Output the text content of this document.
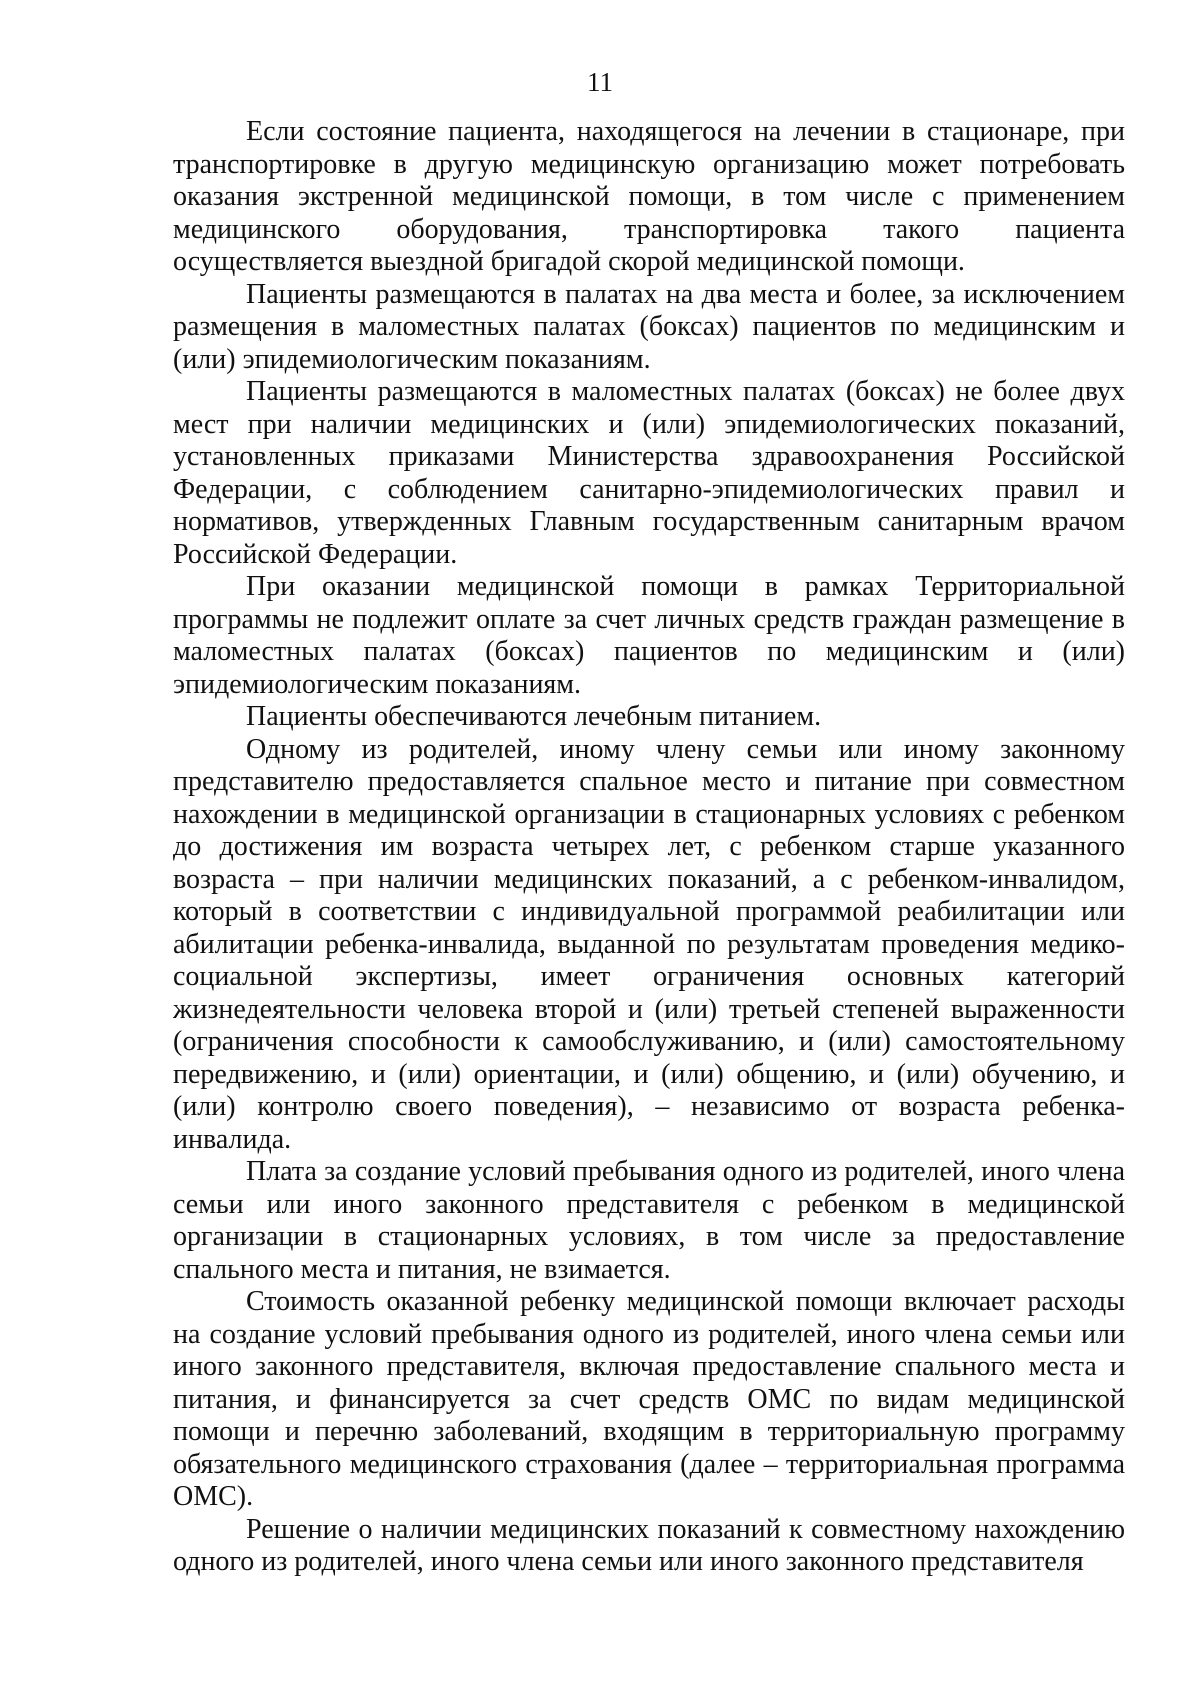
11

Если состояние пациента, находящегося на лечении в стационаре, при транспортировке в другую медицинскую организацию может потребовать оказания экстренной медицинской помощи, в том числе с применением медицинского оборудования, транспортировка такого пациента осуществляется выездной бригадой скорой медицинской помощи.

Пациенты размещаются в палатах на два места и более, за исключением размещения в маломестных палатах (боксах) пациентов по медицинским и (или) эпидемиологическим показаниям.

Пациенты размещаются в маломестных палатах (боксах) не более двух мест при наличии медицинских и (или) эпидемиологических показаний, установленных приказами Министерства здравоохранения Российской Федерации, с соблюдением санитарно-эпидемиологических правил и нормативов, утвержденных Главным государственным санитарным врачом Российской Федерации.

При оказании медицинской помощи в рамках Территориальной программы не подлежит оплате за счет личных средств граждан размещение в маломестных палатах (боксах) пациентов по медицинским и (или) эпидемиологическим показаниям.

Пациенты обеспечиваются лечебным питанием.

Одному из родителей, иному члену семьи или иному законному представителю предоставляется спальное место и питание при совместном нахождении в медицинской организации в стационарных условиях с ребенком до достижения им возраста четырех лет, с ребенком старше указанного возраста – при наличии медицинских показаний, а с ребенком-инвалидом, который в соответствии с индивидуальной программой реабилитации или абилитации ребенка-инвалида, выданной по результатам проведения медико-социальной экспертизы, имеет ограничения основных категорий жизнедеятельности человека второй и (или) третьей степеней выраженности (ограничения способности к самообслуживанию, и (или) самостоятельному передвижению, и (или) ориентации, и (или) общению, и (или) обучению, и (или) контролю своего поведения), – независимо от возраста ребенка-инвалида.

Плата за создание условий пребывания одного из родителей, иного члена семьи или иного законного представителя с ребенком в медицинской организации в стационарных условиях, в том числе за предоставление спального места и питания, не взимается.

Стоимость оказанной ребенку медицинской помощи включает расходы на создание условий пребывания одного из родителей, иного члена семьи или иного законного представителя, включая предоставление спального места и питания, и финансируется за счет средств ОМС по видам медицинской помощи и перечню заболеваний, входящим в территориальную программу обязательного медицинского страхования (далее – территориальная программа ОМС).

Решение о наличии медицинских показаний к совместному нахождению одного из родителей, иного члена семьи или иного законного представителя
